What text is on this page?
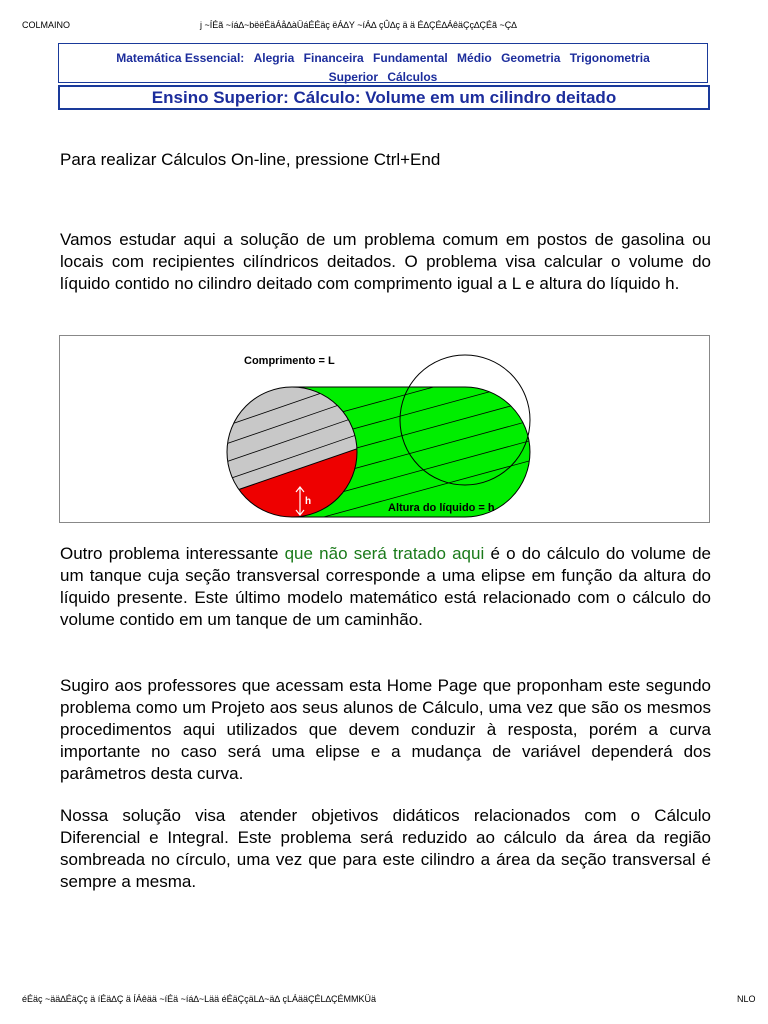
COLMAINO	j ~ÍÉã ~íá∆~bëëÉäÁå∆àÜáÉÉäç ëÁ∆Y ~íÁ∆ çÛ∆ç ä ä É∆ÇÉ∆ÁêäÇç∆ÇÉã ~Ç∆
Matemática Essencial: Alegria Financeira Fundamental Médio Geometria Trigonometria
Superior Cálculos
Ensino Superior: Cálculo: Volume em um cilindro deitado

Para realizar Cálculos On-line, pressione Ctrl+End

Vamos estudar aqui a solução de um problema comum em postos de gasolina ou locais com recipientes cilíndricos deitados. O problema visa calcular o volume do líquido contido no cilindro deitado com comprimento igual a L e altura do líquido h.

h
Comprimento = L
Altura do líquido = h

Outro problema interessante que não será tratado aqui é o do cálculo do volume de um tanque cuja seção transversal corresponde a uma elipse em função da altura do líquido presente. Este último modelo matemático está relacionado com o cálculo do volume contido em um tanque de um caminhão.

Sugiro aos professores que acessam esta Home Page que proponham este segundo problema como um Projeto aos seus alunos de Cálculo, uma vez que são os mesmos procedimentos aqui utilizados que devem conduzir à resposta, porém a curva importante no caso será uma elipse e a mudança de variável dependerá dos parâmetros desta curva.

Nossa solução visa atender objetivos didáticos relacionados com o Cálculo Diferencial e Integral. Este problema será reduzido ao cálculo da área da região sombreada no círculo, uma vez que para este cilindro a área da seção transversal é sempre a mesma.

éÉäç ~ää∆ÉäÇç ä íÉä∆Ç ä ÍÁêää ~íÉä ~íá∆~Lää éÉäÇçäL∆~ä∆ çLÁääÇÉL∆ÇÉMMKÜä	NLO
